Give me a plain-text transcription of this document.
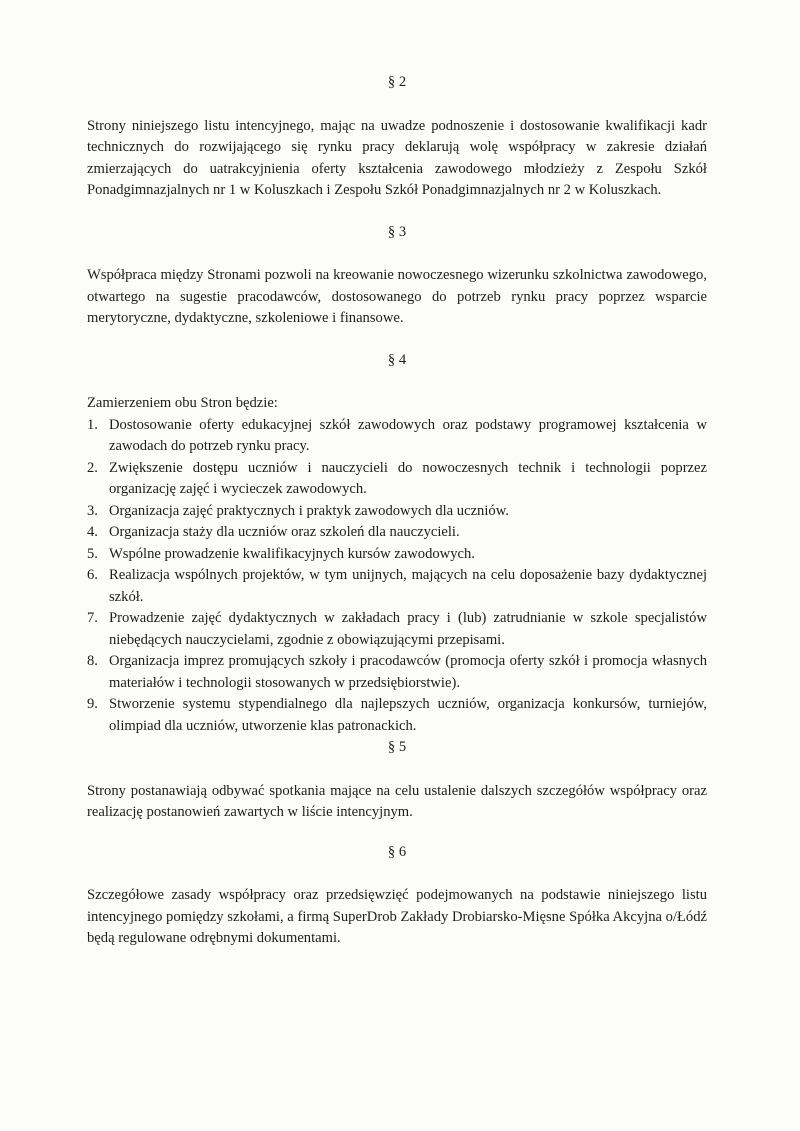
§ 2

Strony niniejszego listu intencyjnego, mając na uwadze podnoszenie i dostosowanie kwalifikacji kadr technicznych do rozwijającego się rynku pracy deklarują wolę współpracy w zakresie działań zmierzających do uatrakcyjnienia oferty kształcenia zawodowego młodzieży z Zespołu Szkół Ponadgimnazjalnych nr 1 w Koluszkach i Zespołu Szkół Ponadgimnazjalnych nr 2 w Koluszkach.

§ 3

Współpraca między Stronami pozwoli na kreowanie nowoczesnego wizerunku szkolnictwa zawodowego, otwartego na sugestie pracodawców, dostosowanego do potrzeb rynku pracy poprzez wsparcie merytoryczne, dydaktyczne, szkoleniowe i finansowe.

§ 4

Zamierzeniem obu Stron będzie:

1. Dostosowanie oferty edukacyjnej szkół zawodowych oraz podstawy programowej kształcenia w zawodach do potrzeb rynku pracy.
2. Zwiększenie dostępu uczniów i nauczycieli do nowoczesnych technik i technologii poprzez organizację zajęć i wycieczek zawodowych.
3. Organizacja zajęć praktycznych i praktyk zawodowych dla uczniów.
4. Organizacja staży dla uczniów oraz szkoleń dla nauczycieli.
5. Wspólne prowadzenie kwalifikacyjnych kursów zawodowych.
6. Realizacja wspólnych projektów, w tym unijnych, mających na celu doposażenie bazy dydaktycznej szkół.
7. Prowadzenie zajęć dydaktycznych w zakładach pracy i (lub) zatrudnianie w szkole specjalistów niebędących nauczycielami, zgodnie z obowiązującymi przepisami.
8. Organizacja imprez promujących szkoły i pracodawców (promocja oferty szkół i promocja własnych materiałów i technologii stosowanych w przedsiębiorstwie).
9. Stworzenie systemu stypendialnego dla najlepszych uczniów, organizacja konkursów, turniejów, olimpiad dla uczniów, utworzenie klas patronackich.
§ 5

Strony postanawiają odbywać spotkania mające na celu ustalenie dalszych szczegółów współpracy oraz realizację postanowień zawartych w liście intencyjnym.

§ 6

Szczegółowe zasady współpracy oraz przedsięwzięć podejmowanych na podstawie niniejszego listu intencyjnego pomiędzy szkołami, a firmą SuperDrob Zakłady Drobiarsko-Mięsne Spółka Akcyjna o/Łódź będą regulowane odrębnymi dokumentami.
